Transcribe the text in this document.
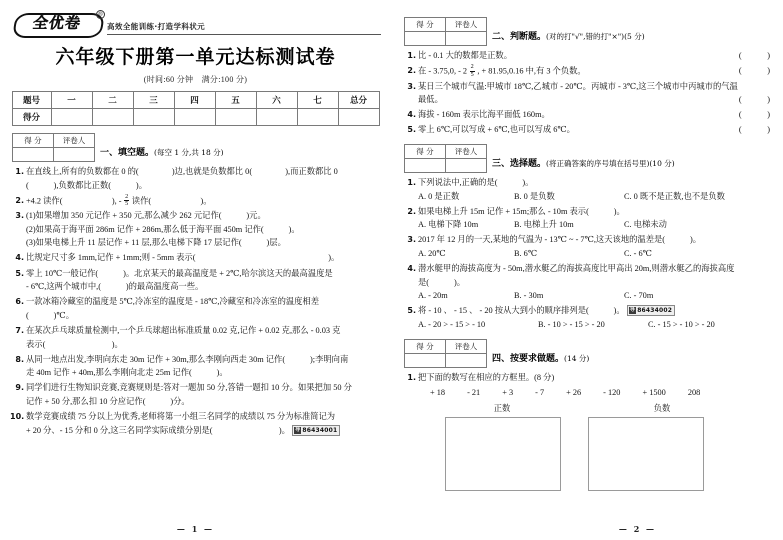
全优卷	®
高效全能训练·打造学科状元
六年级下册第一单元达标测试卷
(时间:60 分钟　满分:100 分)
题号	一	二	三	四	五	六	七	总分
得分								
得 分	评卷人

一、填空题。(每空 1 分,共 18 分)
1. 在直线上,所有的负数都在 0 的(　　　　)边,也就是负数都比 0(　　　　),而正数都比 0
(　　　),负数都比正数(　　　)。
2. +4.2 读作( 　　　　	), - $\frac{2}{5}$ 读作( 　　　　	)。
3. (1)如果增加 350 元记作 + 350 元,那么减少 262 元记作(　　　)元。
(2)如果高于海平面 286m 记作 + 286m,那么低于海平面 450m 记作(　　　)。
(3)如果电梯上升 11 层记作 + 11 层,那么电梯下降 17 层记作(　　　)层。
4. 比规定尺寸多 1mm,记作 + 1mm;则 - 5mm 表示(　　　　　　　　　　　　　　　　)。
5. 零上 10℃一般记作(　　　)。北京某天的最高温度是 + 2℃,哈尔滨这天的最高温度是
- 6℃,这两个城市中,(　　　)的最高温度高一些。
6. 一款冰箱冷藏室的温度是 5℃,冷冻室的温度是 - 18℃,冷藏室和冷冻室的温度相差
(　　　)℃。
7. 在某次乒乓球质量检测中,一个乒乓球超出标准质量 0.02 克,记作 + 0.02 克,那么 - 0.03 克
表示(　　　　　　　　)。
8. 从同一地点出发,李明向东走 30m 记作 + 30m,那么李刚向西走 30m 记作(　　　);李明向南
走 40m 记作 + 40m,那么李刚向北走 25m 记作(　　　)。
9. 同学们进行生物知识竞赛,竞赛规则是:答对一题加 50 分,答错一题扣 10 分。如果把加 50 分
记作 + 50 分,那么扣 10 分应记作(　　　)分。
10. 数学竞赛成绩 75 分以上为优秀,老师将第一小组三名同学的成绩以 75 分为标准简记为
+ 20 分、- 15 分和 0 分,这三名同学实际成绩分别是(　　　　　　　　)。 导 86434001
— 1 —
得 分	评卷人

二、判断题。(对的打"√",错的打"×")(5 分)
1.	(　　)
比 - 0.1 大的数都是正数。
2.	(　　)
在 - 3.75,0, - $2 \frac{2}{5}$ , + 81.95,0.16 中,有 3 个负数。
3. 某日三个城市气温:甲城市 18℃,乙城市 - 20℃。丙城市 - 3℃,这三个城市中丙城市的气温
(　　)
最低。
4.	(　　)
海拔 - 160m 表示比海平面低 160m。
5.	(　　)
零上 6℃,可以写成 + 6℃,也可以写成 6℃。
得 分	评卷人

三、选择题。(将正确答案的序号填在括号里)(10 分)
1. 下列说法中,正确的是(　　　)。
A. 0 是正数	B. 0 是负数	C. 0 既不是正数,也不是负数
2. 如果电梯上升 15m 记作 + 15m;那么 - 10m 表示(　　　)。
A. 电梯下降 10m	B. 电梯上升 10m	C. 电梯未动
3. 2017 年 12 月的一天,某地的气温为 - 13℃ ~ - 7℃,这天该地的温差是(　　　)。
A. 20℃	B. 6℃	C. - 6℃
4. 潜水艇甲的海拔高度为 - 50m,潜水艇乙的海拔高度比甲高出 20m,则潜水艇乙的海拔高度
是(　　　)。
A. - 20m	B. - 30m	C. - 70m
5. 将 - 10 、 - 15 、 - 20 按从大到小的顺序排列是(　　　)。 导 86434002
A. - 20 > - 15 > - 10	B. - 10 > - 15 > - 20	C. - 15 > - 10 > - 20
得 分	评卷人

四、按要求做题。(14 分)
1. 把下面的数写在相应的方框里。(8 分)
+ 18	- 21	+ 3	- 7	+ 26	- 120	+ 1500	208
正数	负数
— 2 —
